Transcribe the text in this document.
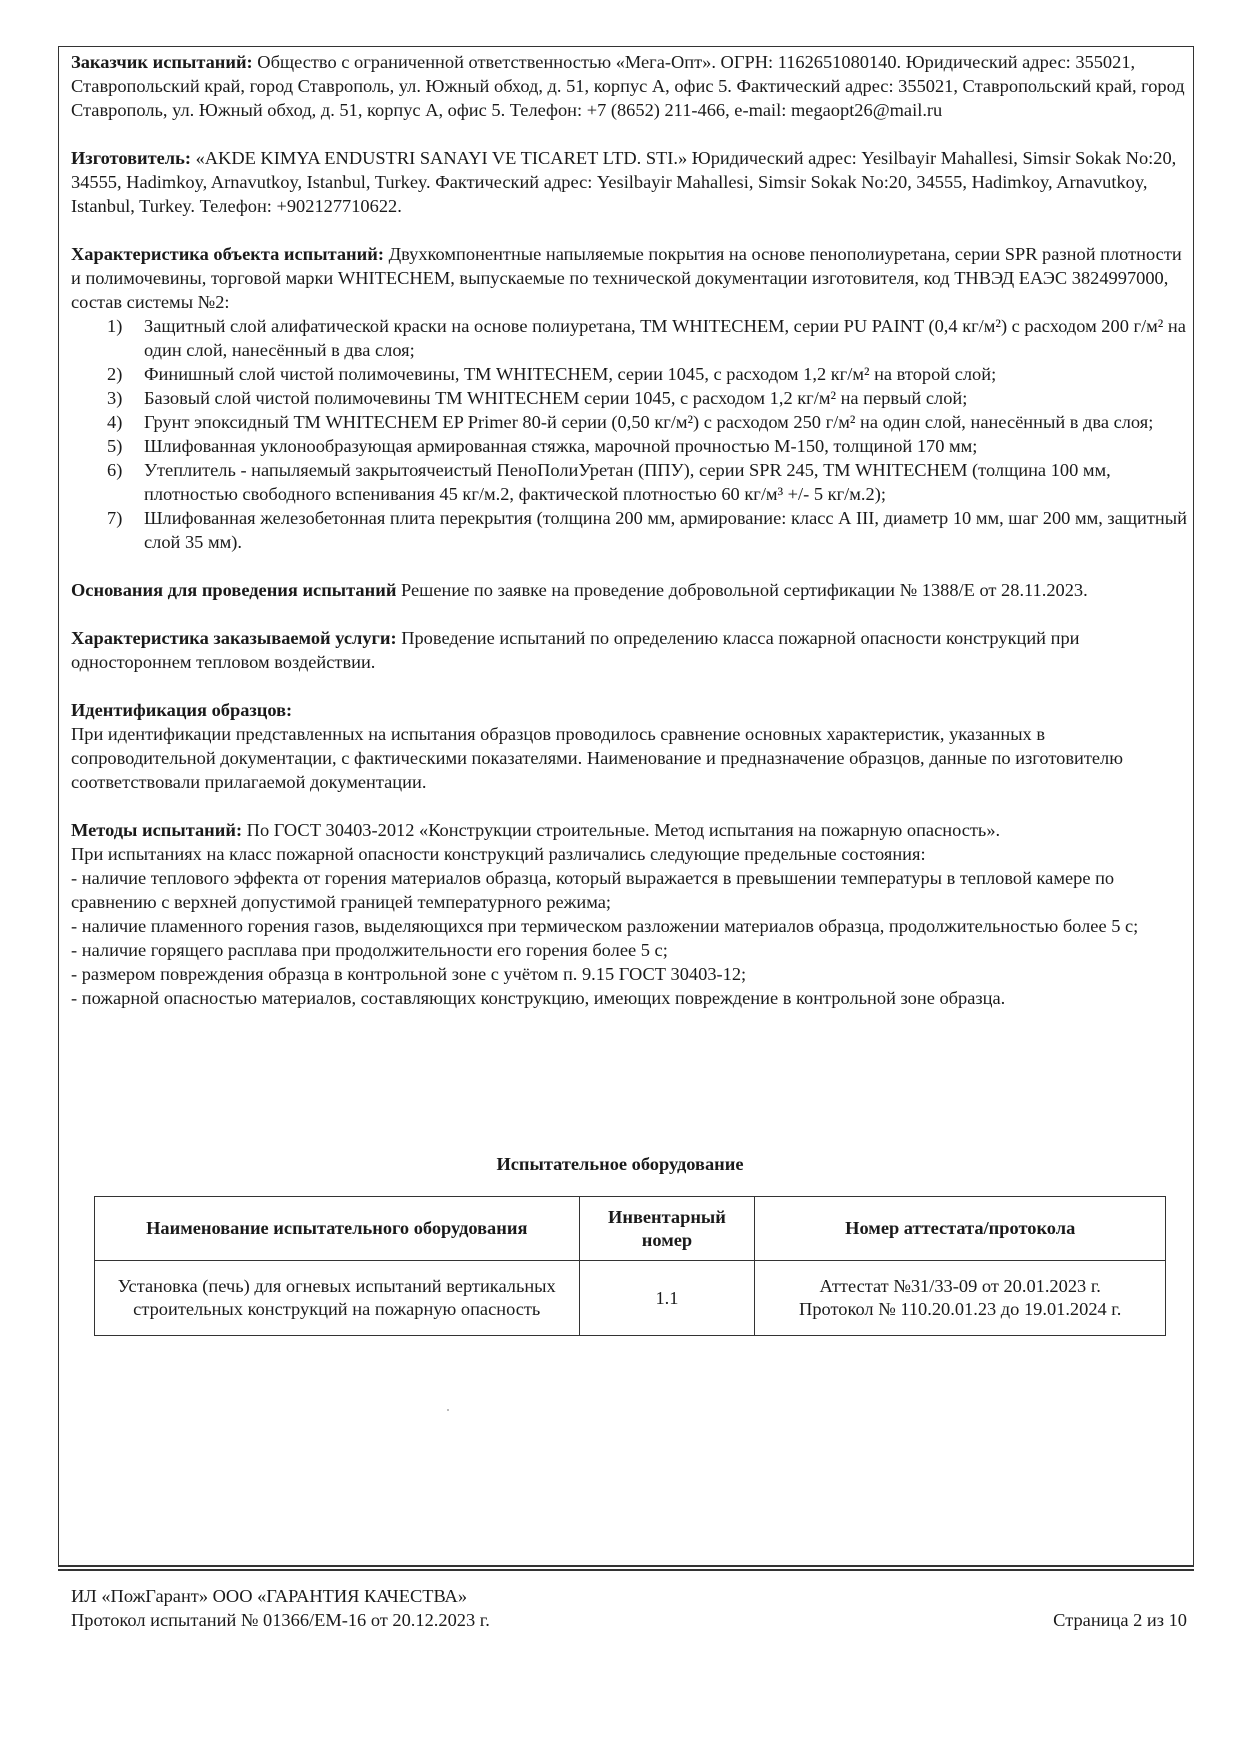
Заказчик испытаний: Общество с ограниченной ответственностью «Мега-Опт». ОГРН: 1162651080140. Юридический адрес: 355021, Ставропольский край, город Ставрополь, ул. Южный обход, д. 51, корпус А, офис 5. Фактический адрес: 355021, Ставропольский край, город Ставрополь, ул. Южный обход, д. 51, корпус А, офис 5. Телефон: +7 (8652) 211-466, e-mail: megaopt26@mail.ru

Изготовитель: «AKDE KIMYA ENDUSTRI SANAYI VE TICARET LTD. STI.» Юридический адрес: Yesilbayir Mahallesi, Simsir Sokak No:20, 34555, Hadimkoy, Arnavutkoy, Istanbul, Turkey. Фактический адрес: Yesilbayir Mahallesi, Simsir Sokak No:20, 34555, Hadimkoy, Arnavutkoy, Istanbul, Turkey. Телефон: +902127710622.

Характеристика объекта испытаний: Двухкомпонентные напыляемые покрытия на основе пенополиуретана, серии SPR разной плотности и полимочевины, торговой марки WHITECHEM, выпускаемые по технической документации изготовителя, код ТНВЭД ЕАЭС 3824997000, состав системы №2:
1) Защитный слой алифатической краски на основе полиуретана, ТМ WHITECHEM, серии PU PAINT (0,4 кг/м²) с расходом 200 г/м² на один слой, нанесённый в два слоя;
2) Финишный слой чистой полимочевины, ТМ WHITECHEM, серии 1045, с расходом 1,2 кг/м² на второй слой;
3) Базовый слой чистой полимочевины ТМ WHITECHEM серии 1045, с расходом 1,2 кг/м² на первый слой;
4) Грунт эпоксидный ТМ WHITECHEM EP Primer 80-й серии (0,50 кг/м²) с расходом 250 г/м² на один слой, нанесённый в два слоя;
5) Шлифованная уклонообразующая армированная стяжка, марочной прочностью М-150, толщиной 170 мм;
6) Утеплитель - напыляемый закрытоячеистый ПеноПолиУретан (ППУ), серии SPR 245, ТМ WHITECHEM (толщина 100 мм, плотностью свободного вспенивания 45 кг/м.2, фактической плотностью 60 кг/м³ +/- 5 кг/м.2);
7) Шлифованная железобетонная плита перекрытия (толщина 200 мм, армирование: класс А III, диаметр 10 мм, шаг 200 мм, защитный слой 35 мм).

Основания для проведения испытаний Решение по заявке на проведение добровольной сертификации № 1388/Е от 28.11.2023.

Характеристика заказываемой услуги: Проведение испытаний по определению класса пожарной опасности конструкций при одностороннем тепловом воздействии.

Идентификация образцов:
При идентификации представленных на испытания образцов проводилось сравнение основных характеристик, указанных в сопроводительной документации, с фактическими показателями. Наименование и предназначение образцов, данные по изготовителю соответствовали прилагаемой документации.
Методы испытаний: По ГОСТ 30403-2012 «Конструкции строительные. Метод испытания на пожарную опасность».
При испытаниях на класс пожарной опасности конструкций различались следующие предельные состояния:
- наличие теплового эффекта от горения материалов образца, который выражается в превышении температуры в тепловой камере по сравнению с верхней допустимой границей температурного режима;
- наличие пламенного горения газов, выделяющихся при термическом разложении материалов образца, продолжительностью более 5 с;
- наличие горящего расплава при продолжительности его горения более 5 с;
- размером повреждения образца в контрольной зоне с учётом п. 9.15 ГОСТ 30403-12;
- пожарной опасностью материалов, составляющих конструкцию, имеющих повреждение в контрольной зоне образца.
Испытательное оборудование
Наименование испытательного оборудования	Инвентарный номер	Номер аттестата/протокола
Установка (печь) для огневых испытаний вертикальных строительных конструкций на пожарную опасность	1.1	Аттестат №31/33-09 от 20.01.2023 г.
Протокол № 110.20.01.23 до 19.01.2024 г.
ИЛ «ПожГарант» ООО «ГАРАНТИЯ КАЧЕСТВА»
Протокол испытаний № 01366/ЕМ-16 от 20.12.2023 г.	Страница 2 из 10
